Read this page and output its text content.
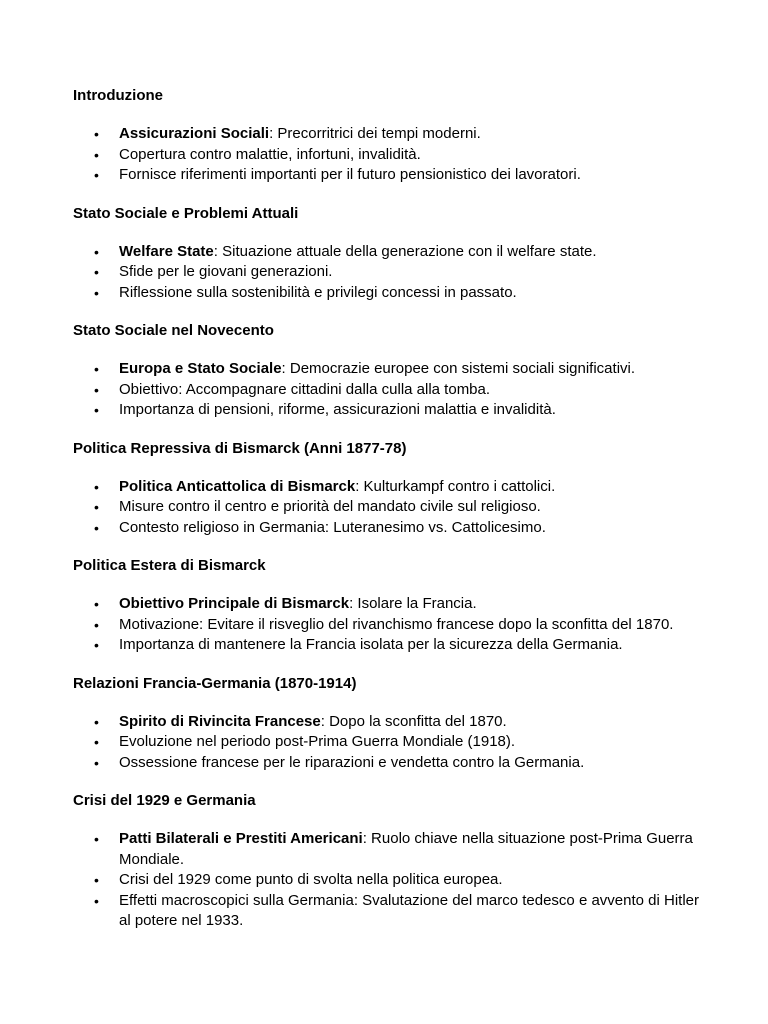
Introduzione

• Assicurazioni Sociali: Precorritrici dei tempi moderni.
• Copertura contro malattie, infortuni, invalidità.
• Fornisce riferimenti importanti per il futuro pensionistico dei lavoratori.

Stato Sociale e Problemi Attuali

• Welfare State: Situazione attuale della generazione con il welfare state.
• Sfide per le giovani generazioni.
• Riflessione sulla sostenibilità e privilegi concessi in passato.

Stato Sociale nel Novecento

• Europa e Stato Sociale: Democrazie europee con sistemi sociali significativi.
• Obiettivo: Accompagnare cittadini dalla culla alla tomba.
• Importanza di pensioni, riforme, assicurazioni malattia e invalidità.

Politica Repressiva di Bismarck (Anni 1877-78)

• Politica Anticattolica di Bismarck: Kulturkampf contro i cattolici.
• Misure contro il centro e priorità del mandato civile sul religioso.
• Contesto religioso in Germania: Luteranesimo vs. Cattolicesimo.

Politica Estera di Bismarck

• Obiettivo Principale di Bismarck: Isolare la Francia.
• Motivazione: Evitare il risveglio del rivanchismo francese dopo la sconfitta del 1870.
• Importanza di mantenere la Francia isolata per la sicurezza della Germania.

Relazioni Francia-Germania (1870-1914)

• Spirito di Rivincita Francese: Dopo la sconfitta del 1870.
• Evoluzione nel periodo post-Prima Guerra Mondiale (1918).
• Ossessione francese per le riparazioni e vendetta contro la Germania.

Crisi del 1929 e Germania

• Patti Bilaterali e Prestiti Americani: Ruolo chiave nella situazione post-Prima Guerra Mondiale.
• Crisi del 1929 come punto di svolta nella politica europea.
• Effetti macroscopici sulla Germania: Svalutazione del marco tedesco e avvento di Hitler al potere nel 1933.
